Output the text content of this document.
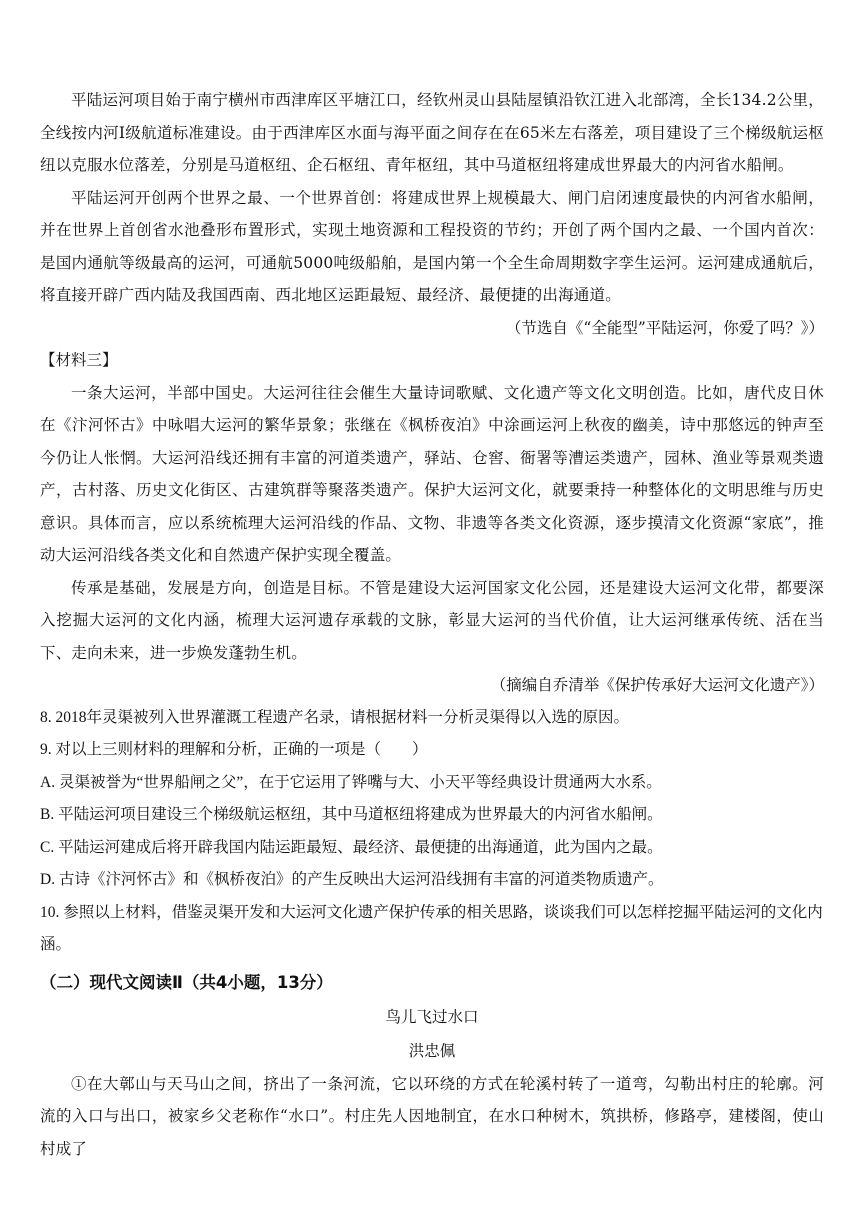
平陆运河项目始于南宁横州市西津库区平塘江口，经钦州灵山县陆屋镇沿钦江进入北部湾，全长134.2公里，全线按内河Ⅰ级航道标准建设。由于西津库区水面与海平面之间存在在65米左右落差，项目建设了三个梯级航运枢纽以克服水位落差，分别是马道枢纽、企石枢纽、青年枢纽，其中马道枢纽将建成世界最大的内河省水船闸。

平陆运河开创两个世界之最、一个世界首创：将建成世界上规模最大、闸门启闭速度最快的内河省水船闸，并在世界上首创省水池叠形布置形式，实现土地资源和工程投资的节约；开创了两个国内之最、一个国内首次：是国内通航等级最高的运河，可通航5000吨级船舶，是国内第一个全生命周期数字孪生运河。运河建成通航后，将直接开辟广西内陆及我国西南、西北地区运距最短、最经济、最便捷的出海通道。

（节选自《“全能型”平陆运河，你爱了吗？》）

【材料三】

一条大运河，半部中国史。大运河往往会催生大量诗词歌赋、文化遗产等文化文明创造。比如，唐代皮日休在《汴河怀古》中咏唱大运河的繁华景象；张继在《枫桥夜泊》中涂画运河上秋夜的幽美，诗中那悠远的钟声至今仍让人怅惘。大运河沿线还拥有丰富的河道类遗产，驿站、仓窖、衙署等漕运类遗产，园林、渔业等景观类遗产，古村落、历史文化街区、古建筑群等聚落类遗产。保护大运河文化，就要秉持一种整体化的文明思维与历史意识。具体而言，应以系统梳理大运河沿线的作品、文物、非遗等各类文化资源，逐步摸清文化资源“家底”，推动大运河沿线各类文化和自然遗产保护实现全覆盖。

传承是基础，发展是方向，创造是目标。不管是建设大运河国家文化公园，还是建设大运河文化带，都要深入挖掘大运河的文化内涵，梳理大运河遗存承载的文脉，彰显大运河的当代价值，让大运河继承传统、活在当下、走向未来，进一步焕发蓬勃生机。

（摘编自乔清举《保护传承好大运河文化遗产》）

8. 2018年灵渠被列入世界灌溉工程遗产名录，请根据材料一分析灵渠得以入选的原因。

9. 对以上三则材料的理解和分析，正确的一项是（　　）

A. 灵渠被誉为“世界船闸之父”，在于它运用了铧嘴与大、小天平等经典设计贯通两大水系。

B. 平陆运河项目建设三个梯级航运枢纽，其中马道枢纽将建成为世界最大的内河省水船闸。

C. 平陆运河建成后将开辟我国内陆运距最短、最经济、最便捷的出海通道，此为国内之最。

D. 古诗《汴河怀古》和《枫桥夜泊》的产生反映出大运河沿线拥有丰富的河道类物质遗产。

10. 参照以上材料，借鉴灵渠开发和大运河文化遗产保护传承的相关思路，谈谈我们可以怎样挖掘平陆运河的文化内涵。

（二）现代文阅读Ⅱ（共4小题，13分）

鸟儿飞过水口

洪忠佩

①在大鄣山与天马山之间，挤出了一条河流，它以环绕的方式在轮溪村转了一道弯，勾勒出村庄的轮廓。河流的入口与出口，被家乡父老称作“水口”。村庄先人因地制宜，在水口种树木，筑拱桥，修路亭，建楼阁，使山村成了
